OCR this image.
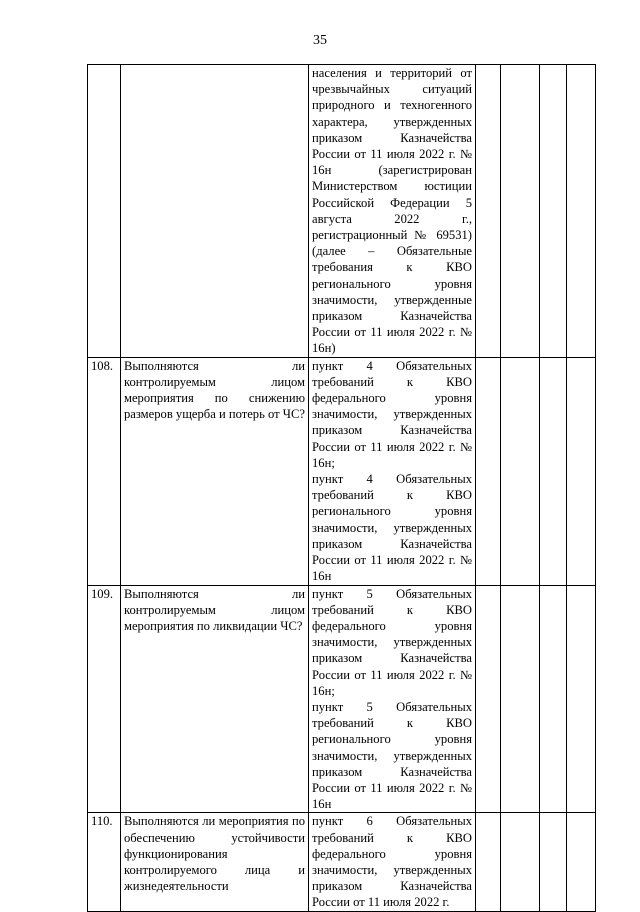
35

		населения и территорий от чрезвычайных ситуаций природного и техногенного характера, утвержденных приказом Казначейства России от 11 июля 2022 г. № 16н (зарегистрирован Министерством юстиции Российской Федерации 5 августа 2022 г., регистрационный № 69531) (далее – Обязательные требования к КВО регионального уровня значимости, утвержденные приказом Казначейства России от 11 июля 2022 г. № 16н)				

108.	Выполняются ли контролируемым лицом мероприятия по снижению размеров ущерба и потерь от ЧС?	пункт 4 Обязательных требований к КВО федерального уровня значимости, утвержденных приказом Казначейства России от 11 июля 2022 г. № 16н;
пункт 4 Обязательных требований к КВО регионального уровня значимости, утвержденных приказом Казначейства России от 11 июля 2022 г. № 16н				

109.	Выполняются ли контролируемым лицом мероприятия по ликвидации ЧС?	пункт 5 Обязательных требований к КВО федерального уровня значимости, утвержденных приказом Казначейства России от 11 июля 2022 г. № 16н;
пункт 5 Обязательных требований к КВО регионального уровня значимости, утвержденных приказом Казначейства России от 11 июля 2022 г. № 16н				

110.	Выполняются ли мероприятия по обеспечению устойчивости функционирования контролируемого лица и жизнедеятельности	пункт 6 Обязательных требований к КВО федерального уровня значимости, утвержденных приказом Казначейства России от 11 июля 2022 г.				
